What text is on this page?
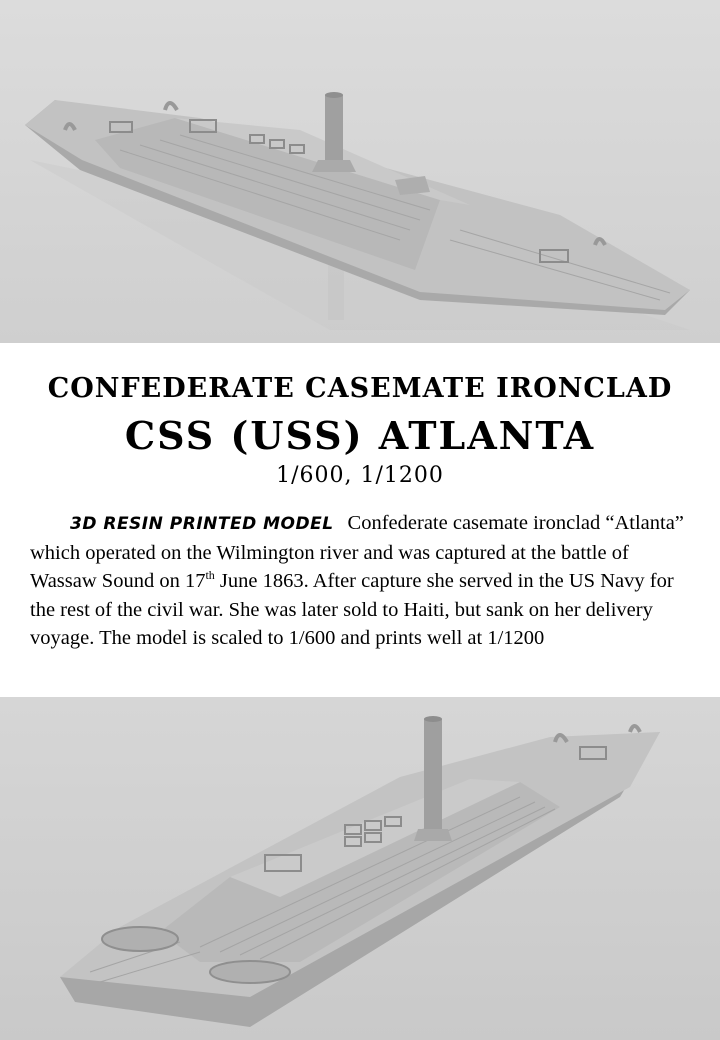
CONFEDERATE CASEMATE IRONCLAD
CSS (USS) ATLANTA
1/600, 1/1200

3D RESIN PRINTED MODEL Confederate casemate ironclad “Atlanta” which operated on the Wilmington river and was captured at the battle of Wassaw Sound on 17th June 1863. After capture she served in the US Navy for the rest of the civil war. She was later sold to Haiti, but sank on her delivery voyage. The model is scaled to 1/600 and prints well at 1/1200
